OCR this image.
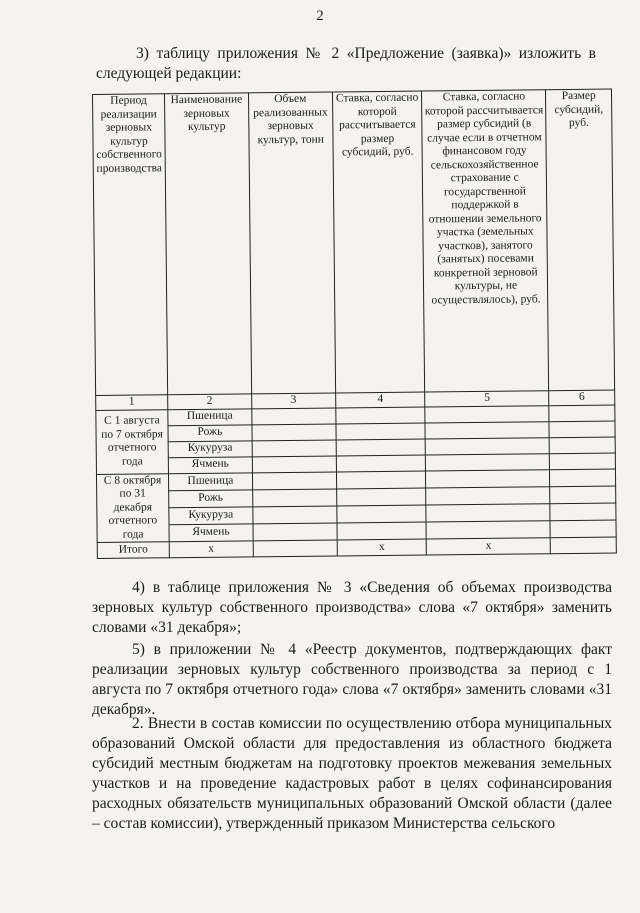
2
3) таблицу приложения № 2 «Предложение (заявка)» изложить в следующей редакции:
Период реализации зерновых культур собственного производства	Наименование зерновых культур	Объем реализованных зерновых культур, тонн	Ставка, согласно которой рассчитывается размер субсидий, руб.	Ставка, согласно которой рассчитывается размер субсидий (в случае если в отчетном финансовом году сельскохозяйственное страхование с государственной поддержкой в отношении земельного участка (земельных участков), занятого (занятых) посевами конкретной зерновой культуры, не осуществлялось), руб.	Размер субсидий, руб.
1	2	3	4	5	6
С 1 августа по 7 октября отчетного года	Пшеница				
	Рожь				
	Кукуруза				
	Ячмень				
С 8 октября по 31 декабря отчетного года	Пшеница				
	Рожь				
	Кукуруза				
	Ячмень				
Итого	x		x	x	
4) в таблице приложения № 3 «Сведения об объемах производства зерновых культур собственного производства» слова «7 октября» заменить словами «31 декабря»;
5) в приложении № 4 «Реестр документов, подтверждающих факт реализации зерновых культур собственного производства за период с 1 августа по 7 октября отчетного года» слова «7 октября» заменить словами «31 декабря».
2. Внести в состав комиссии по осуществлению отбора муниципальных образований Омской области для предоставления из областного бюджета субсидий местным бюджетам на подготовку проектов межевания земельных участков и на проведение кадастровых работ в целях софинансирования расходных обязательств муниципальных образований Омской области (далее – состав комиссии), утвержденный приказом Министерства сельского
